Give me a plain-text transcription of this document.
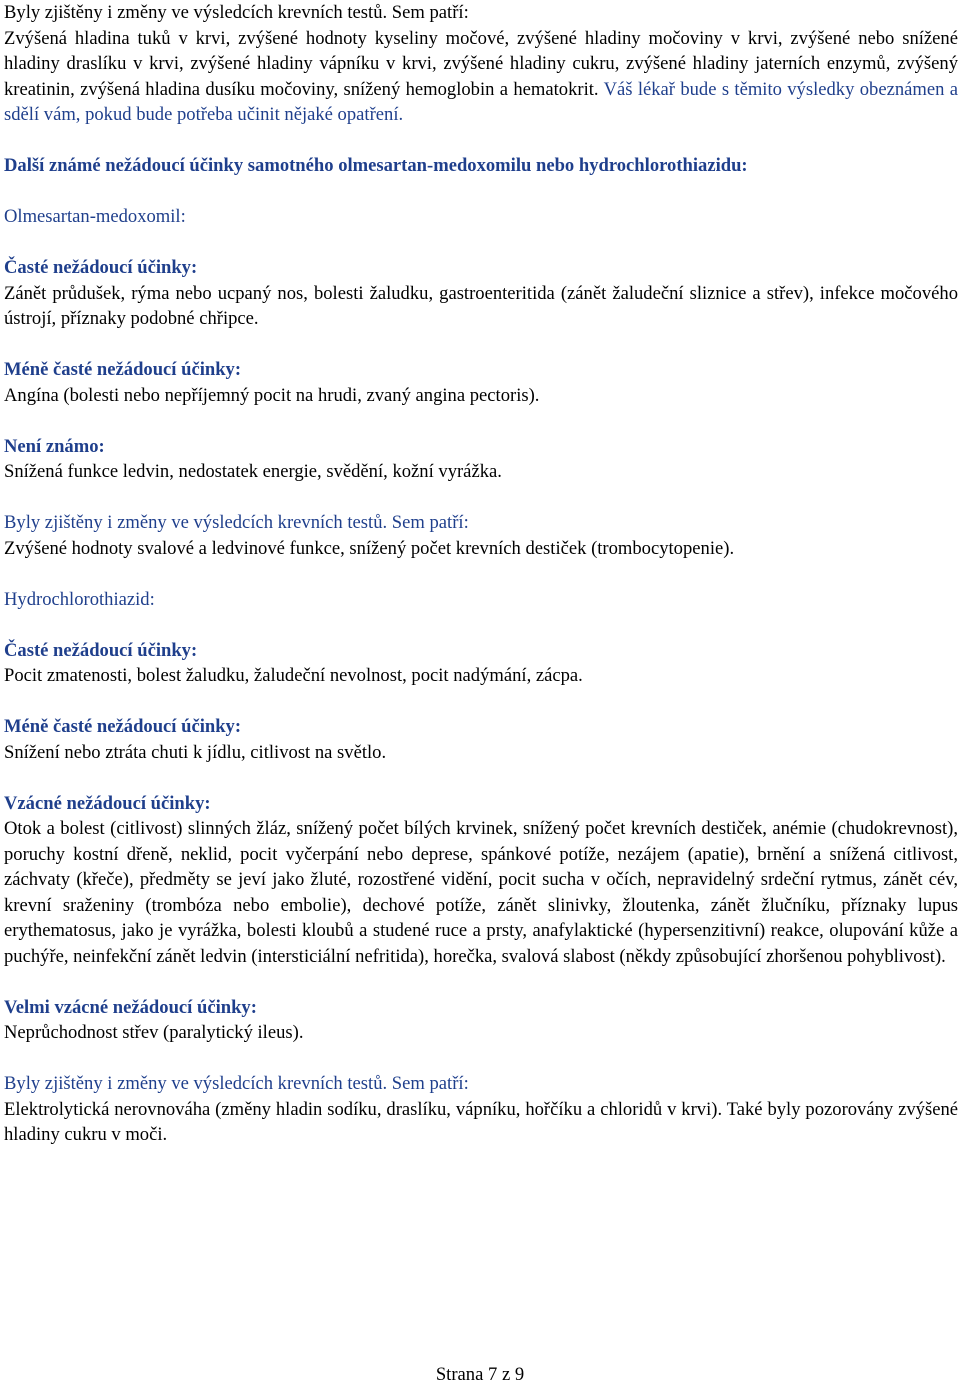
Byly zjištěny i změny ve výsledcích krevních testů. Sem patří:

Zvýšená hladina tuků v krvi, zvýšené hodnoty kyseliny močové, zvýšené hladiny močoviny v krvi, zvýšené nebo snížené hladiny draslíku v krvi, zvýšené hladiny vápníku v krvi, zvýšené hladiny cukru, zvýšené hladiny jaterních enzymů, zvýšený kreatinin, zvýšená hladina dusíku močoviny, snížený hemoglobin a hematokrit. Váš lékař bude s těmito výsledky obeznámen a sdělí vám, pokud bude potřeba učinit nějaké opatření.

Další známé nežádoucí účinky samotného olmesartan-medoxomilu nebo hydrochlorothiazidu:

Olmesartan-medoxomil:

Časté nežádoucí účinky:

Zánět průdušek, rýma nebo ucpaný nos, bolesti žaludku, gastroenteritida (zánět žaludeční sliznice a střev), infekce močového ústrojí, příznaky podobné chřipce.

Méně časté nežádoucí účinky:

Angína (bolesti nebo nepříjemný pocit na hrudi, zvaný angina pectoris).

Není známo:

Snížená funkce ledvin, nedostatek energie, svědění, kožní vyrážka.

Byly zjištěny i změny ve výsledcích krevních testů. Sem patří:

Zvýšené hodnoty svalové a ledvinové funkce, snížený počet krevních destiček (trombocytopenie).

Hydrochlorothiazid:

Časté nežádoucí účinky:

Pocit zmatenosti, bolest žaludku, žaludeční nevolnost, pocit nadýmání, zácpa.

Méně časté nežádoucí účinky:

Snížení nebo ztráta chuti k jídlu, citlivost na světlo.

Vzácné nežádoucí účinky:

Otok a bolest (citlivost) slinných žláz, snížený počet bílých krvinek, snížený počet krevních destiček, anémie (chudokrevnost), poruchy kostní dřeně, neklid, pocit vyčerpání nebo deprese, spánkové potíže, nezájem (apatie), brnění a snížená citlivost, záchvaty (křeče), předměty se jeví jako žluté, rozostřené vidění, pocit sucha v očích, nepravidelný srdeční rytmus, zánět cév, krevní sraženiny (trombóza nebo embolie), dechové potíže, zánět slinivky, žloutenka, zánět žlučníku, příznaky lupus erythematosus, jako je vyrážka, bolesti kloubů a studené ruce a prsty, anafylaktické (hypersenzitivní) reakce, olupování kůže a puchýře, neinfekční zánět ledvin (intersticiální nefritida), horečka, svalová slabost (někdy způsobující zhoršenou pohyblivost).

Velmi vzácné nežádoucí účinky:

Neprůchodnost střev (paralytický ileus).

Byly zjištěny i změny ve výsledcích krevních testů. Sem patří:

Elektrolytická nerovnováha (změny hladin sodíku, draslíku, vápníku, hořčíku a chloridů v krvi). Také byly pozorovány zvýšené hladiny cukru v moči.

Strana 7 z 9
